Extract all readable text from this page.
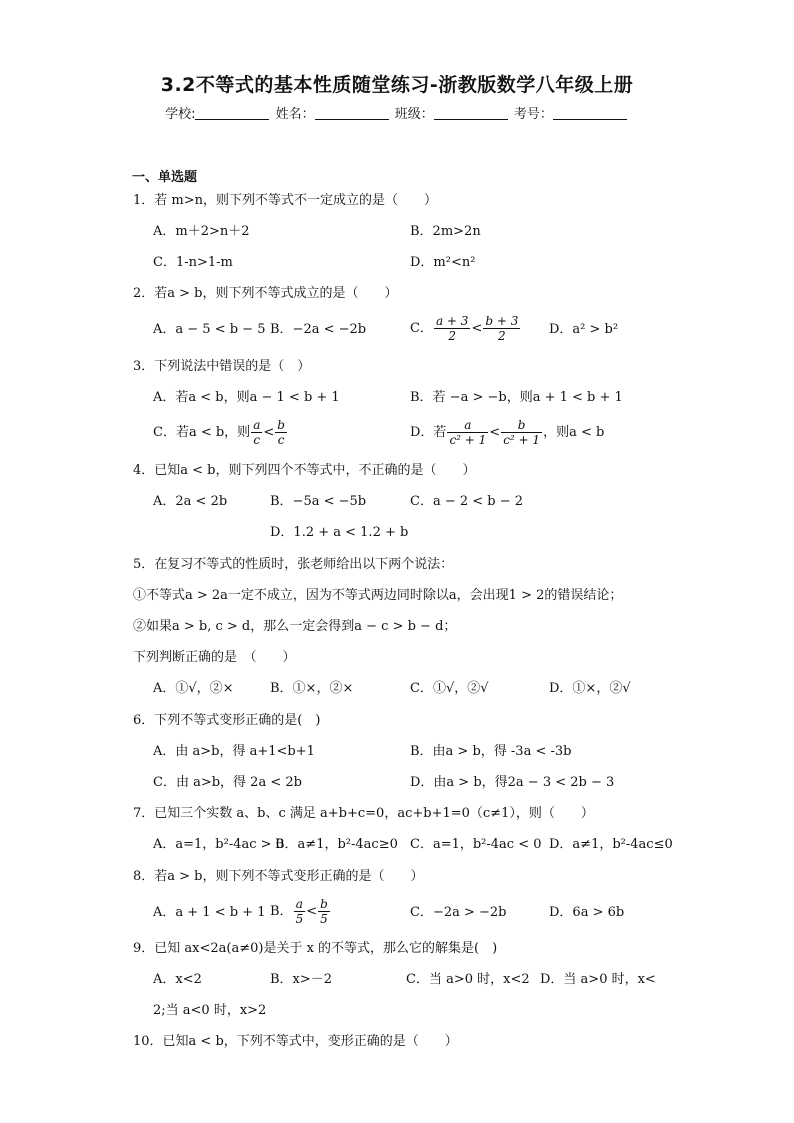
3.2不等式的基本性质随堂练习-浙教版数学八年级上册
学校:	姓名：	班级：	考号：
一、单选题
1．若 m>n，则下列不等式不一定成立的是（　　）
A．m＋2>n＋2	B．2m>2n
C．1-n>1-m	D．m²<n²
2．若a > b，则下列不等式成立的是（　　）
A．a − 5 < b − 5 B．−2a < −2b	C． $\frac{a + 3}{2} < \frac{b + 3}{2}$ D．a² > b²
3．下列说法中错误的是（　）
A．若a < b，则a − 1 < b + 1	B．若 −a > −b，则a + 1 < b + 1
C．若a < b，则 $\frac{a}{c} < \frac{b}{c}$	D．若 $\frac{a}{\text{c² + 1}} < \frac{b}{\text{c² + 1}}$ ，则a < b
4．已知a < b，则下列四个不等式中，不正确的是（　　）
A．2a < 2b	B．−5a < −5b	C．a − 2 < b − 2
D．1.2 + a < 1.2 + b
5．在复习不等式的性质时，张老师给出以下两个说法：
①不等式a > 2a一定不成立，因为不等式两边同时除以a，会出现1 > 2的错误结论；
②如果a > b, c > d，那么一定会得到a − c > b − d；
下列判断正确的是　（　　）
A．①√，②×	B．①×，②×	C．①√，②√	D．①×，②√
6．下列不等式变形正确的是(　)
A．由 a>b，得 a+1<b+1	B．由a > b，得 -3a < -3b
C．由 a>b，得 2a < 2b	D．由a > b，得2a − 3 < 2b − 3
7．已知三个实数 a、b、c 满足 a+b+c=0，ac+b+1=0（c≠1），则（　　）
A．a=1，b²-4ac > 0
B．a≠1，b²-4ac≥0 C．a=1，b²-4ac < 0 D．a≠1，b²-4ac≤0
8．若a > b，则下列不等式变形正确的是（　　）
A．a + 1 < b + 1 B． $\frac{a}{5} < \frac{b}{5}$	C．−2a > −2b	D．6a > 6b
9．已知 ax<2a(a≠0)是关于 x 的不等式，那么它的解集是(　)
A．x<2	B．x>－2	C．当 a>0 时，x<2 D．当 a>0 时，x<
2;当 a<0 时，x>2
10．已知a < b，下列不等式中，变形正确的是（　　）
